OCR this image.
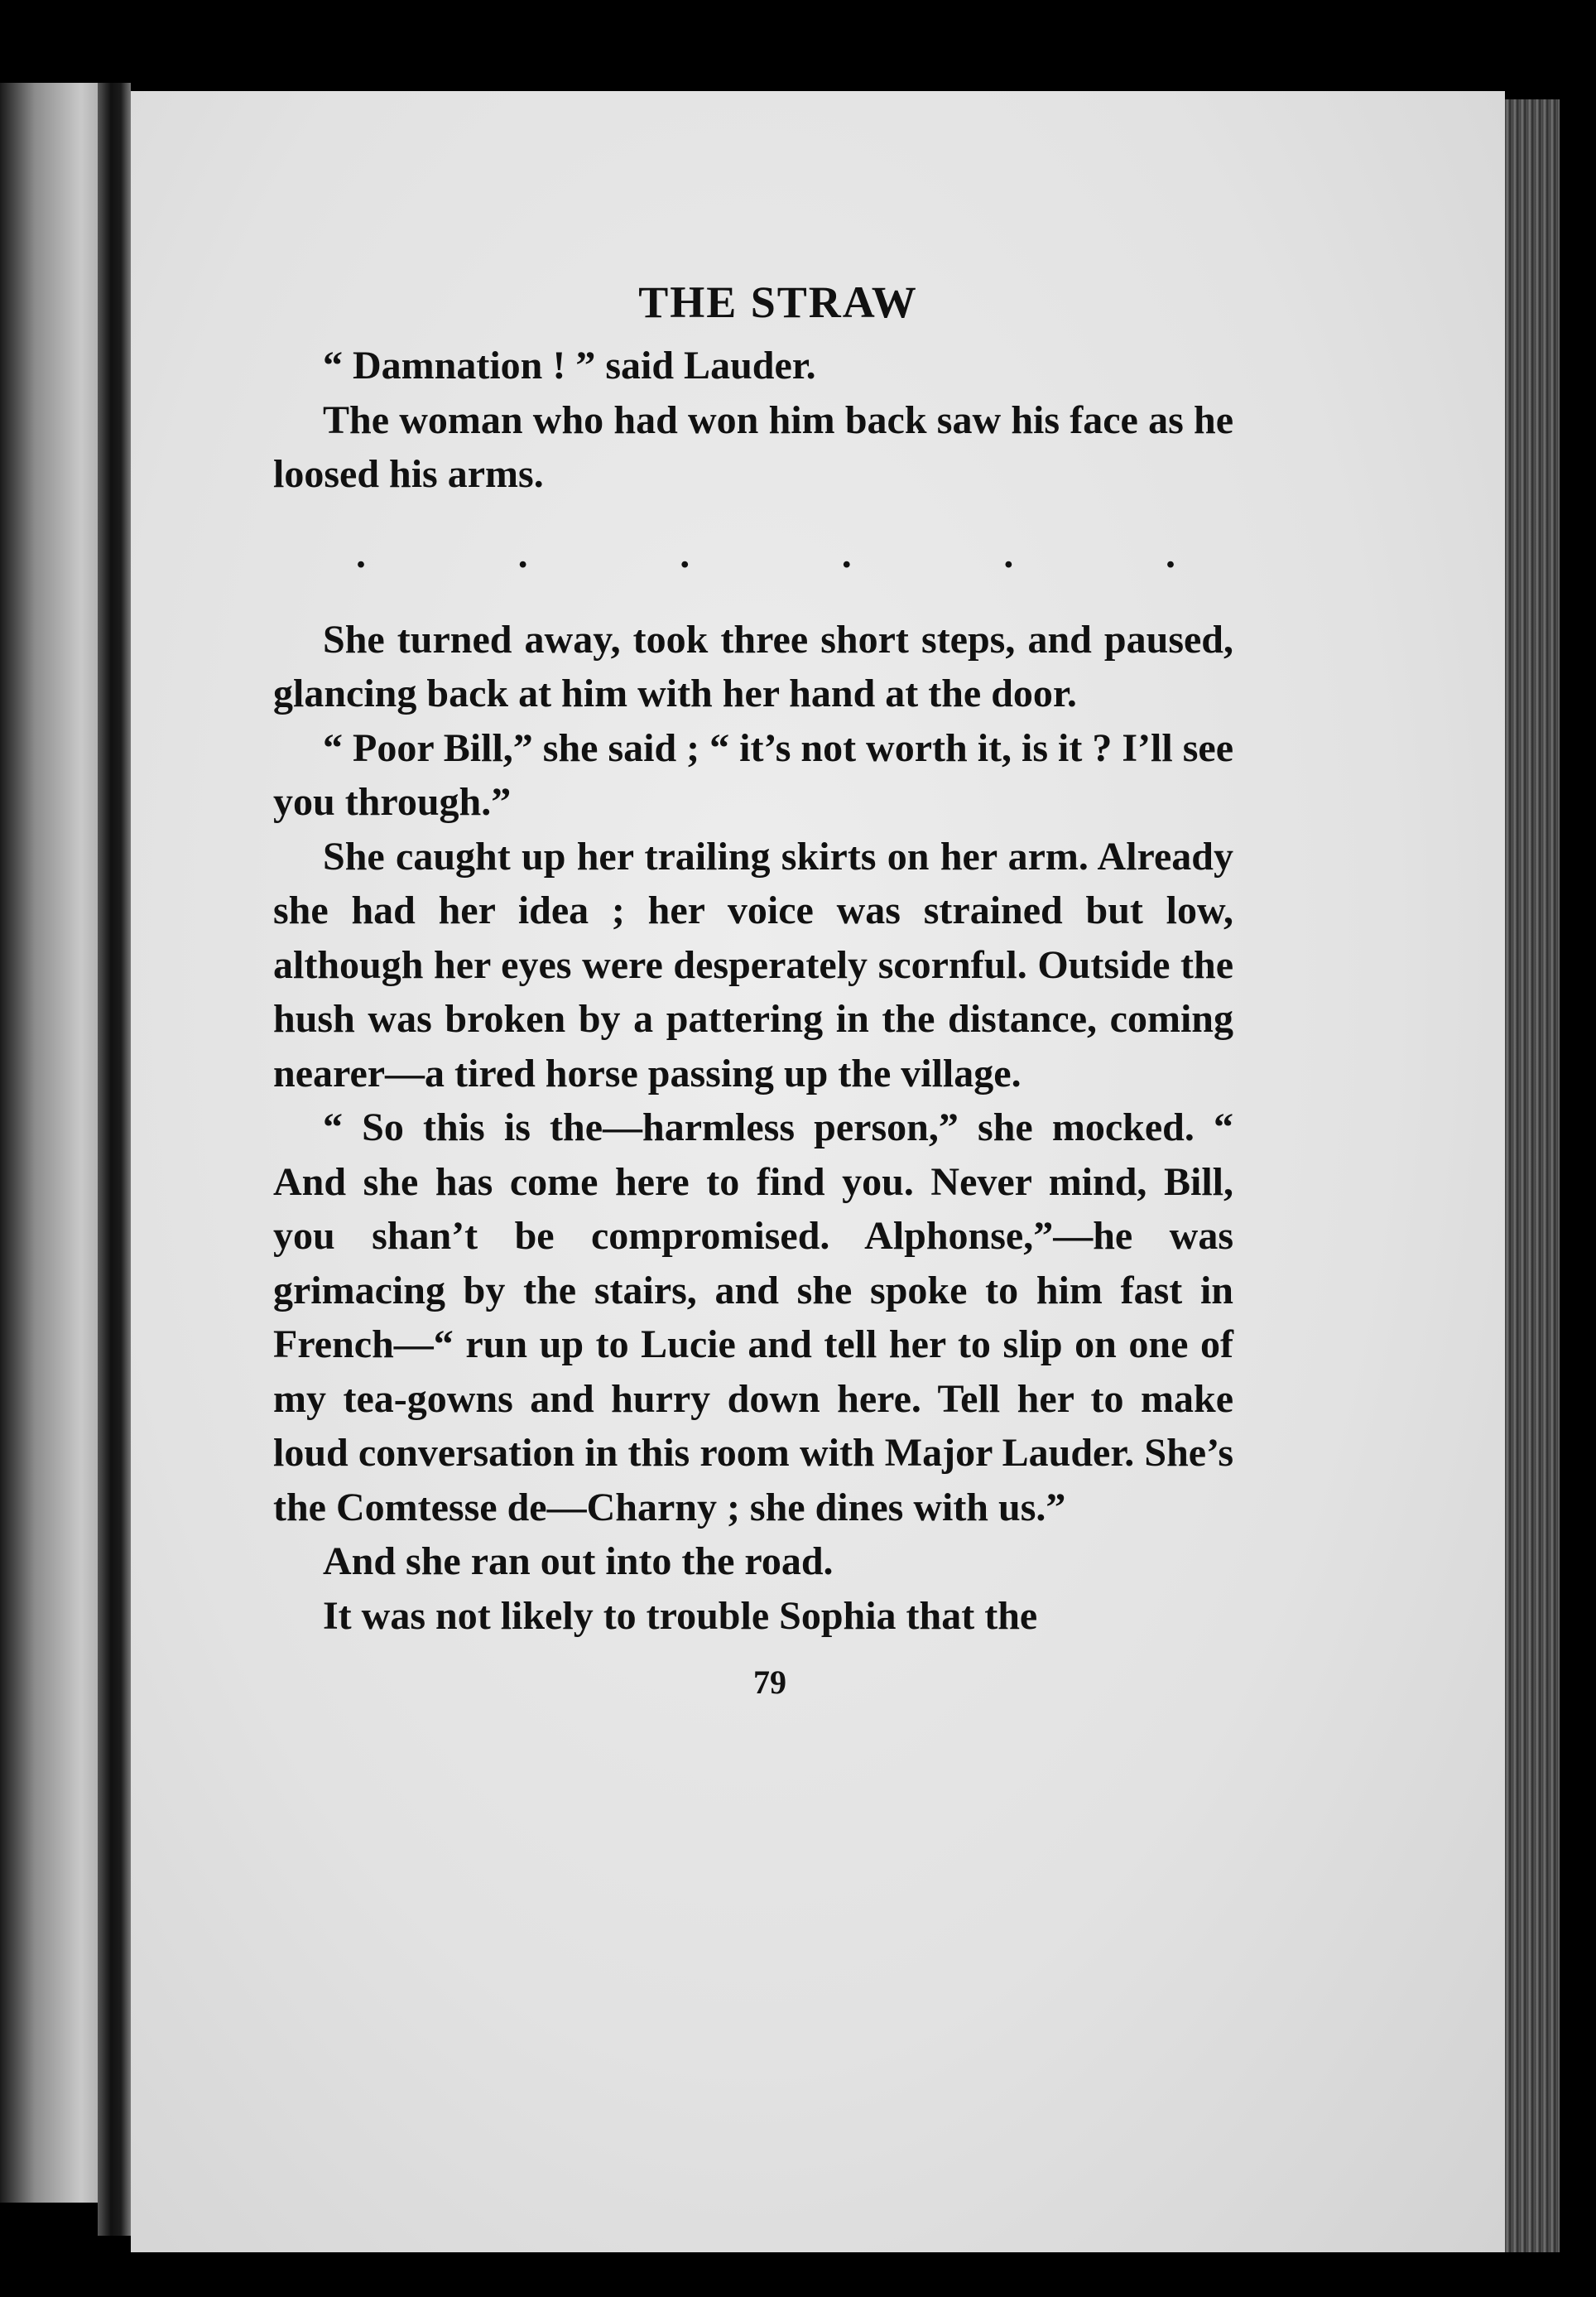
THE STRAW

“ Damnation ! ” said Lauder.

The woman who had won him back saw his face as he loosed his arms.

.	.	.	.	.	.

She turned away, took three short steps, and paused, glancing back at him with her hand at the door.

“ Poor Bill,” she said ; “ it’s not worth it, is it ? I’ll see you through.”

She caught up her trailing skirts on her arm. Already she had her idea ; her voice was strained but low, although her eyes were desperately scornful. Outside the hush was broken by a pattering in the distance, coming nearer—a tired horse passing up the village.

“ So this is the—harmless person,” she mocked. “ And she has come here to find you. Never mind, Bill, you shan’t be compromised. Alphonse,”—he was grimacing by the stairs, and she spoke to him fast in French—“ run up to Lucie and tell her to slip on one of my tea-gowns and hurry down here. Tell her to make loud conversation in this room with Major Lauder. She’s the Comtesse de—Charny ; she dines with us.”

And she ran out into the road.

It was not likely to trouble Sophia that the

79
